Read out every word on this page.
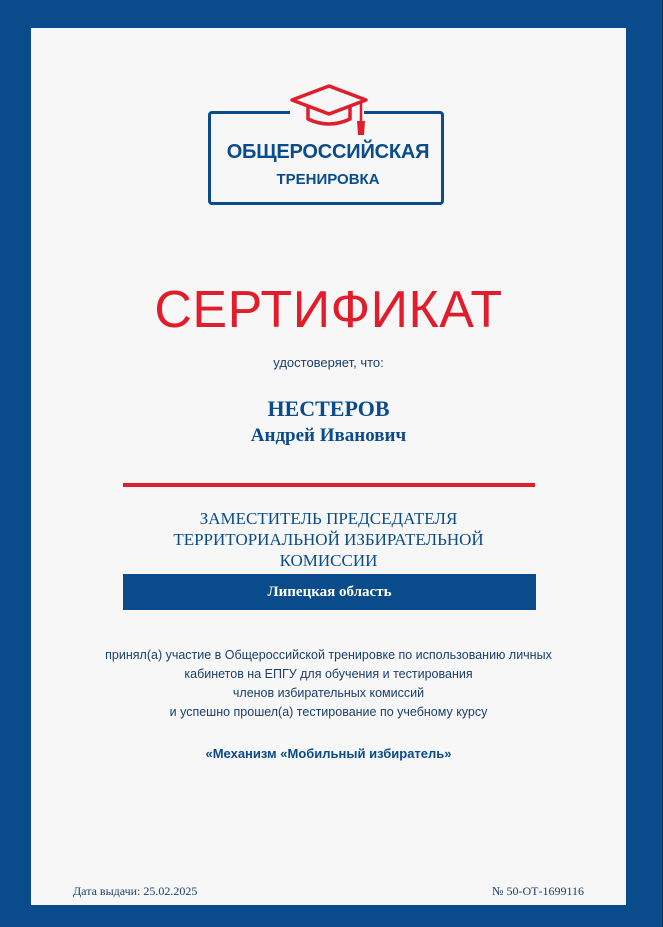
ОБЩЕРОССИЙСКАЯ
ТРЕНИРОВКА
СЕРТИФИКАТ
удостоверяет, что:
НЕСТЕРОВ
Андрей Иванович
ЗАМЕСТИТЕЛЬ ПРЕДСЕДАТЕЛЯ
ТЕРРИТОРИАЛЬНОЙ ИЗБИРАТЕЛЬНОЙ
КОМИССИИ
Липецкая область
принял(а) участие в Общероссийской тренировке по использованию личных
кабинетов на ЕПГУ для обучения и тестирования
членов избирательных комиссий
и успешно прошел(а) тестирование по учебному курсу
«Механизм «Мобильный избиратель»
Дата выдачи: 25.02.2025	№ 50-ОТ-1699116
